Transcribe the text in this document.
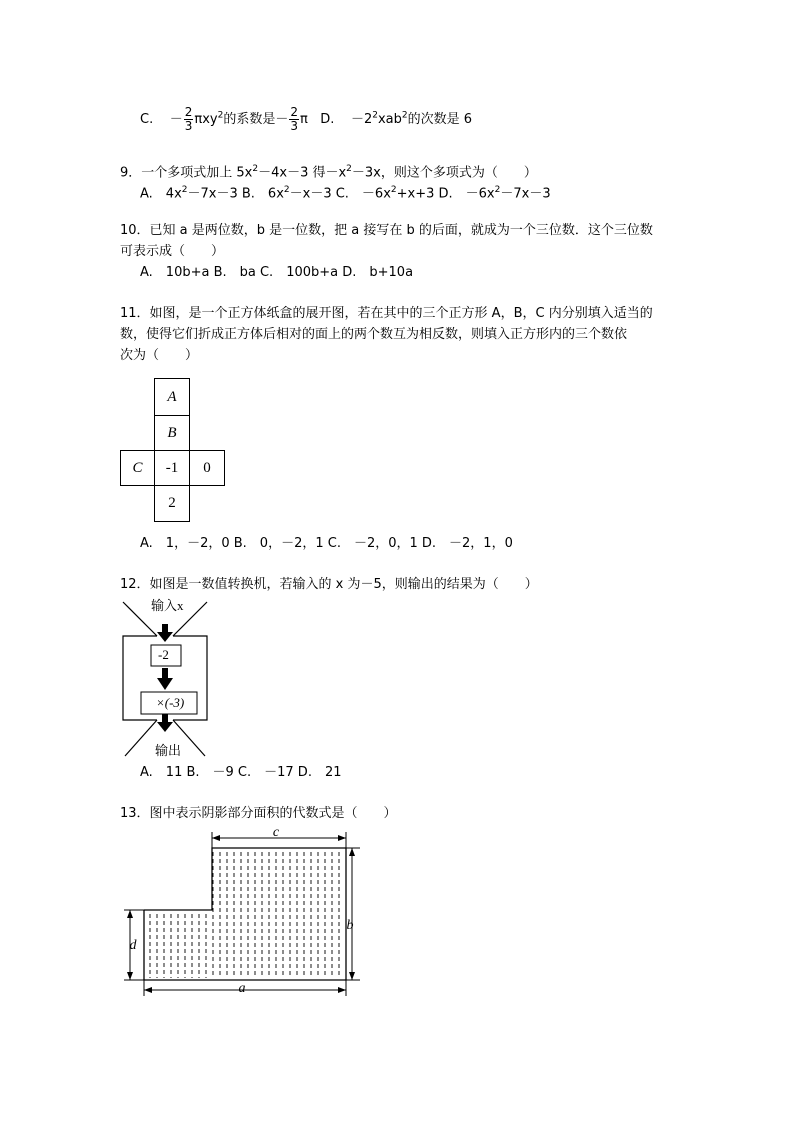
C. － $\frac{2}{3} \pi xy^2$的系数是－ $\frac{2}{3}$ π D. $-2^2xab^2$的次数是 6
9．一个多项式加上 $5x^2-4x-3$ 得$-x^2-3x$，则这个多项式为（　　）
A.　$4x^2-7x-3$ B.　$6x^2-x-3$ C.　$-6x^2+x+3$ D.　$-6x^2-7x-3$
10．已知 a 是两位数，b 是一位数，把 a 接写在 b 的后面，就成为一个三位数．这个三位数
可表示成（　　）
A.　10b+a B.　ba C.　100b+a D.　b+10a
11．如图，是一个正方体纸盒的展开图，若在其中的三个正方形 A，B，C 内分别填入适当的
数，使得它们折成正方体后相对的面上的两个数互为相反数，则填入正方形内的三个数依
次为（　　）
A
B
C	-1	0
2
A.　1，－2，0 B.　0，－2，1 C.　－2，0，1 D.　－2，1，0
12．如图是一数值转换机，若输入的 x 为－5，则输出的结果为（　　）
输入x
-2
×(-3)
输出
A.　11 B.　－9 C.　－17 D.　21
13．图中表示阴影部分面积的代数式是（　　）
c
b
d
a
